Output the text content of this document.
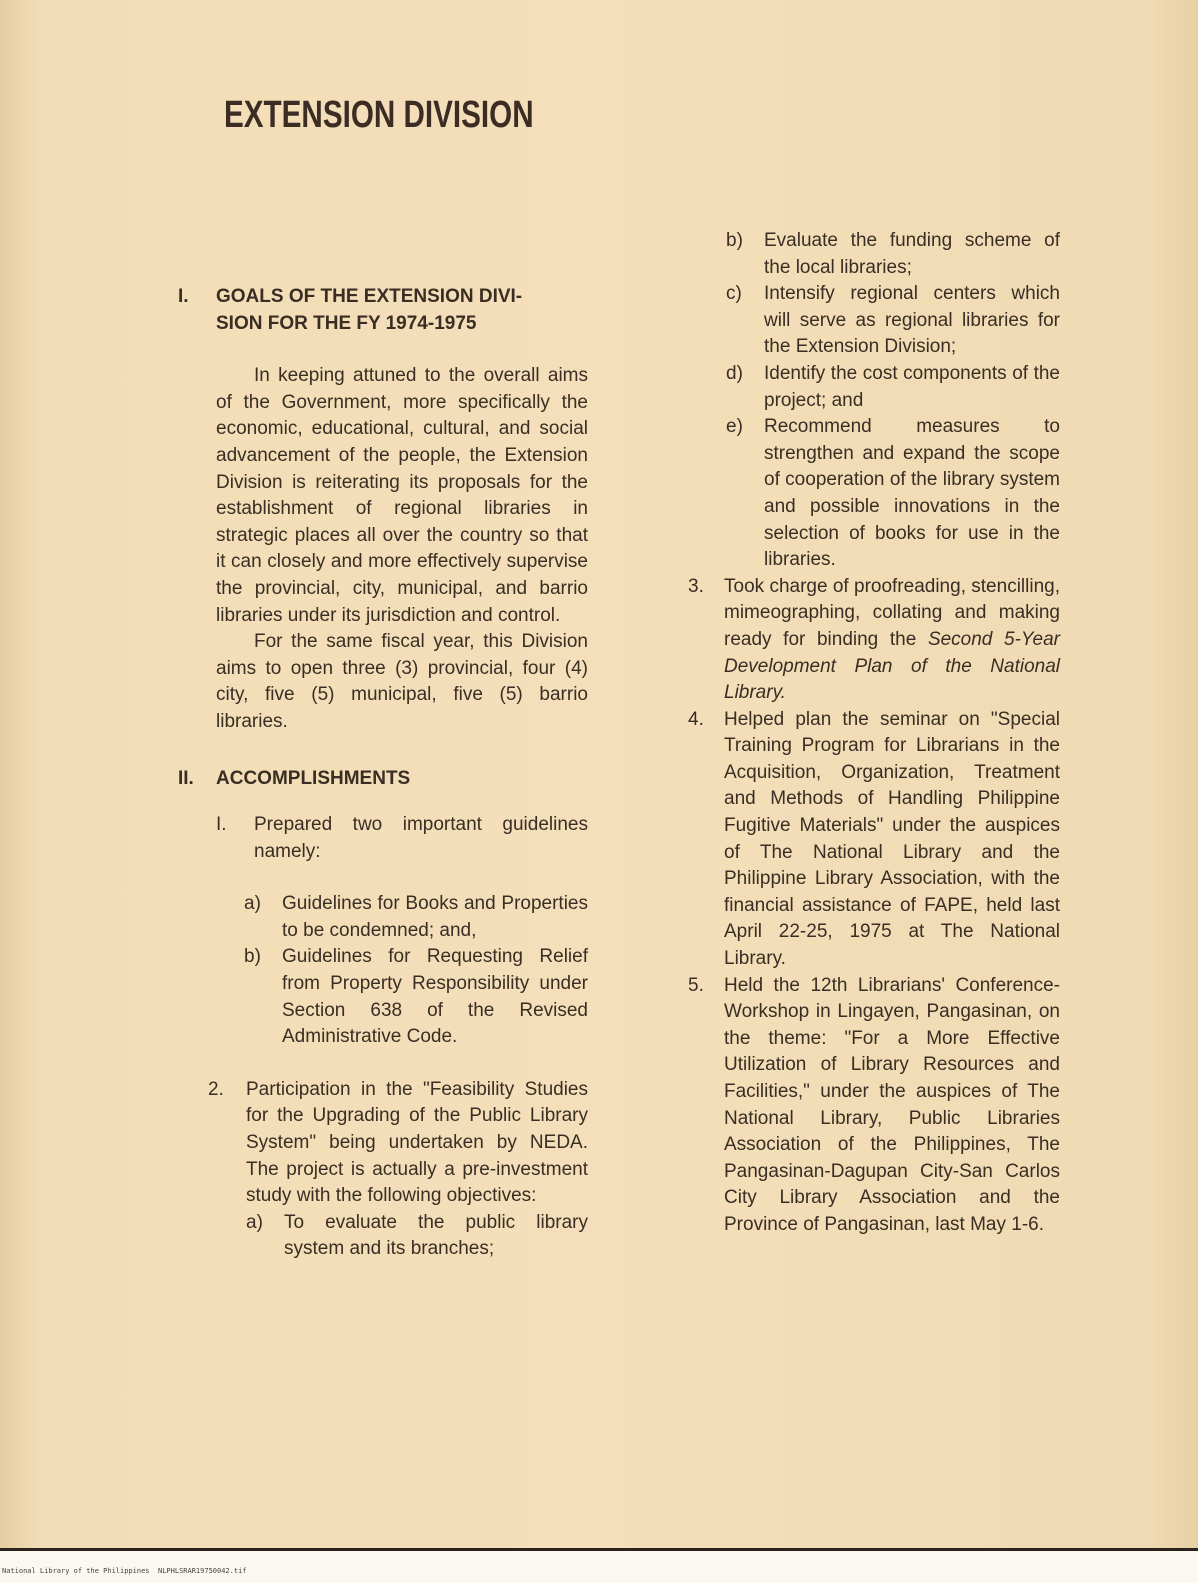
EXTENSION DIVISION
I.	GOALS OF THE EXTENSION DIVI-
SION FOR THE FY 1974-1975
In keeping attuned to the overall aims of the Government, more specifically the economic, educational, cultural, and social advancement of the people, the Extension Division is reiterating its proposals for the establishment of regional libraries in strategic places all over the country so that it can closely and more effectively supervise the provincial, city, municipal, and barrio libraries under its jurisdiction and control.
For the same fiscal year, this Division aims to open three (3) provincial, four (4) city, five (5) municipal, five (5) barrio libraries.
II.	ACCOMPLISHMENTS
I.	Prepared two important guidelines namely:
a)	Guidelines for Books and Properties to be condemned; and,
b)	Guidelines for Requesting Relief from Property Responsibility under Section 638 of the Revised Administrative Code.
2.	Participation in the "Feasibility Studies for the Upgrading of the Public Library System" being undertaken by NEDA. The project is actually a pre-investment study with the following objectives:
a)	To evaluate the public library system and its branches;
b)	Evaluate the funding scheme of the local libraries;
c)	Intensify regional centers which will serve as regional libraries for the Extension Division;
d)	Identify the cost components of the project; and
e)	Recommend measures to strengthen and expand the scope of cooperation of the library system and possible innovations in the selection of books for use in the libraries.
3.	Took charge of proofreading, stencilling, mimeographing, collating and making ready for binding the Second 5-Year Development Plan of the National Library.
4.	Helped plan the seminar on "Special Training Program for Librarians in the Acquisition, Organization, Treatment and Methods of Handling Philippine Fugitive Materials" under the auspices of The National Library and the Philippine Library Association, with the financial assistance of FAPE, held last April 22-25, 1975 at The National Library.
5.	Held the 12th Librarians' Conference-Workshop in Lingayen, Pangasinan, on the theme: "For a More Effective Utilization of Library Resources and Facilities," under the auspices of The National Library, Public Libraries Association of the Philippines, The Pangasinan-Dagupan City-San Carlos City Library Association and the Province of Pangasinan, last May 1-6.
National Library of the Philippines NLPHLSRAR19750042.tif
